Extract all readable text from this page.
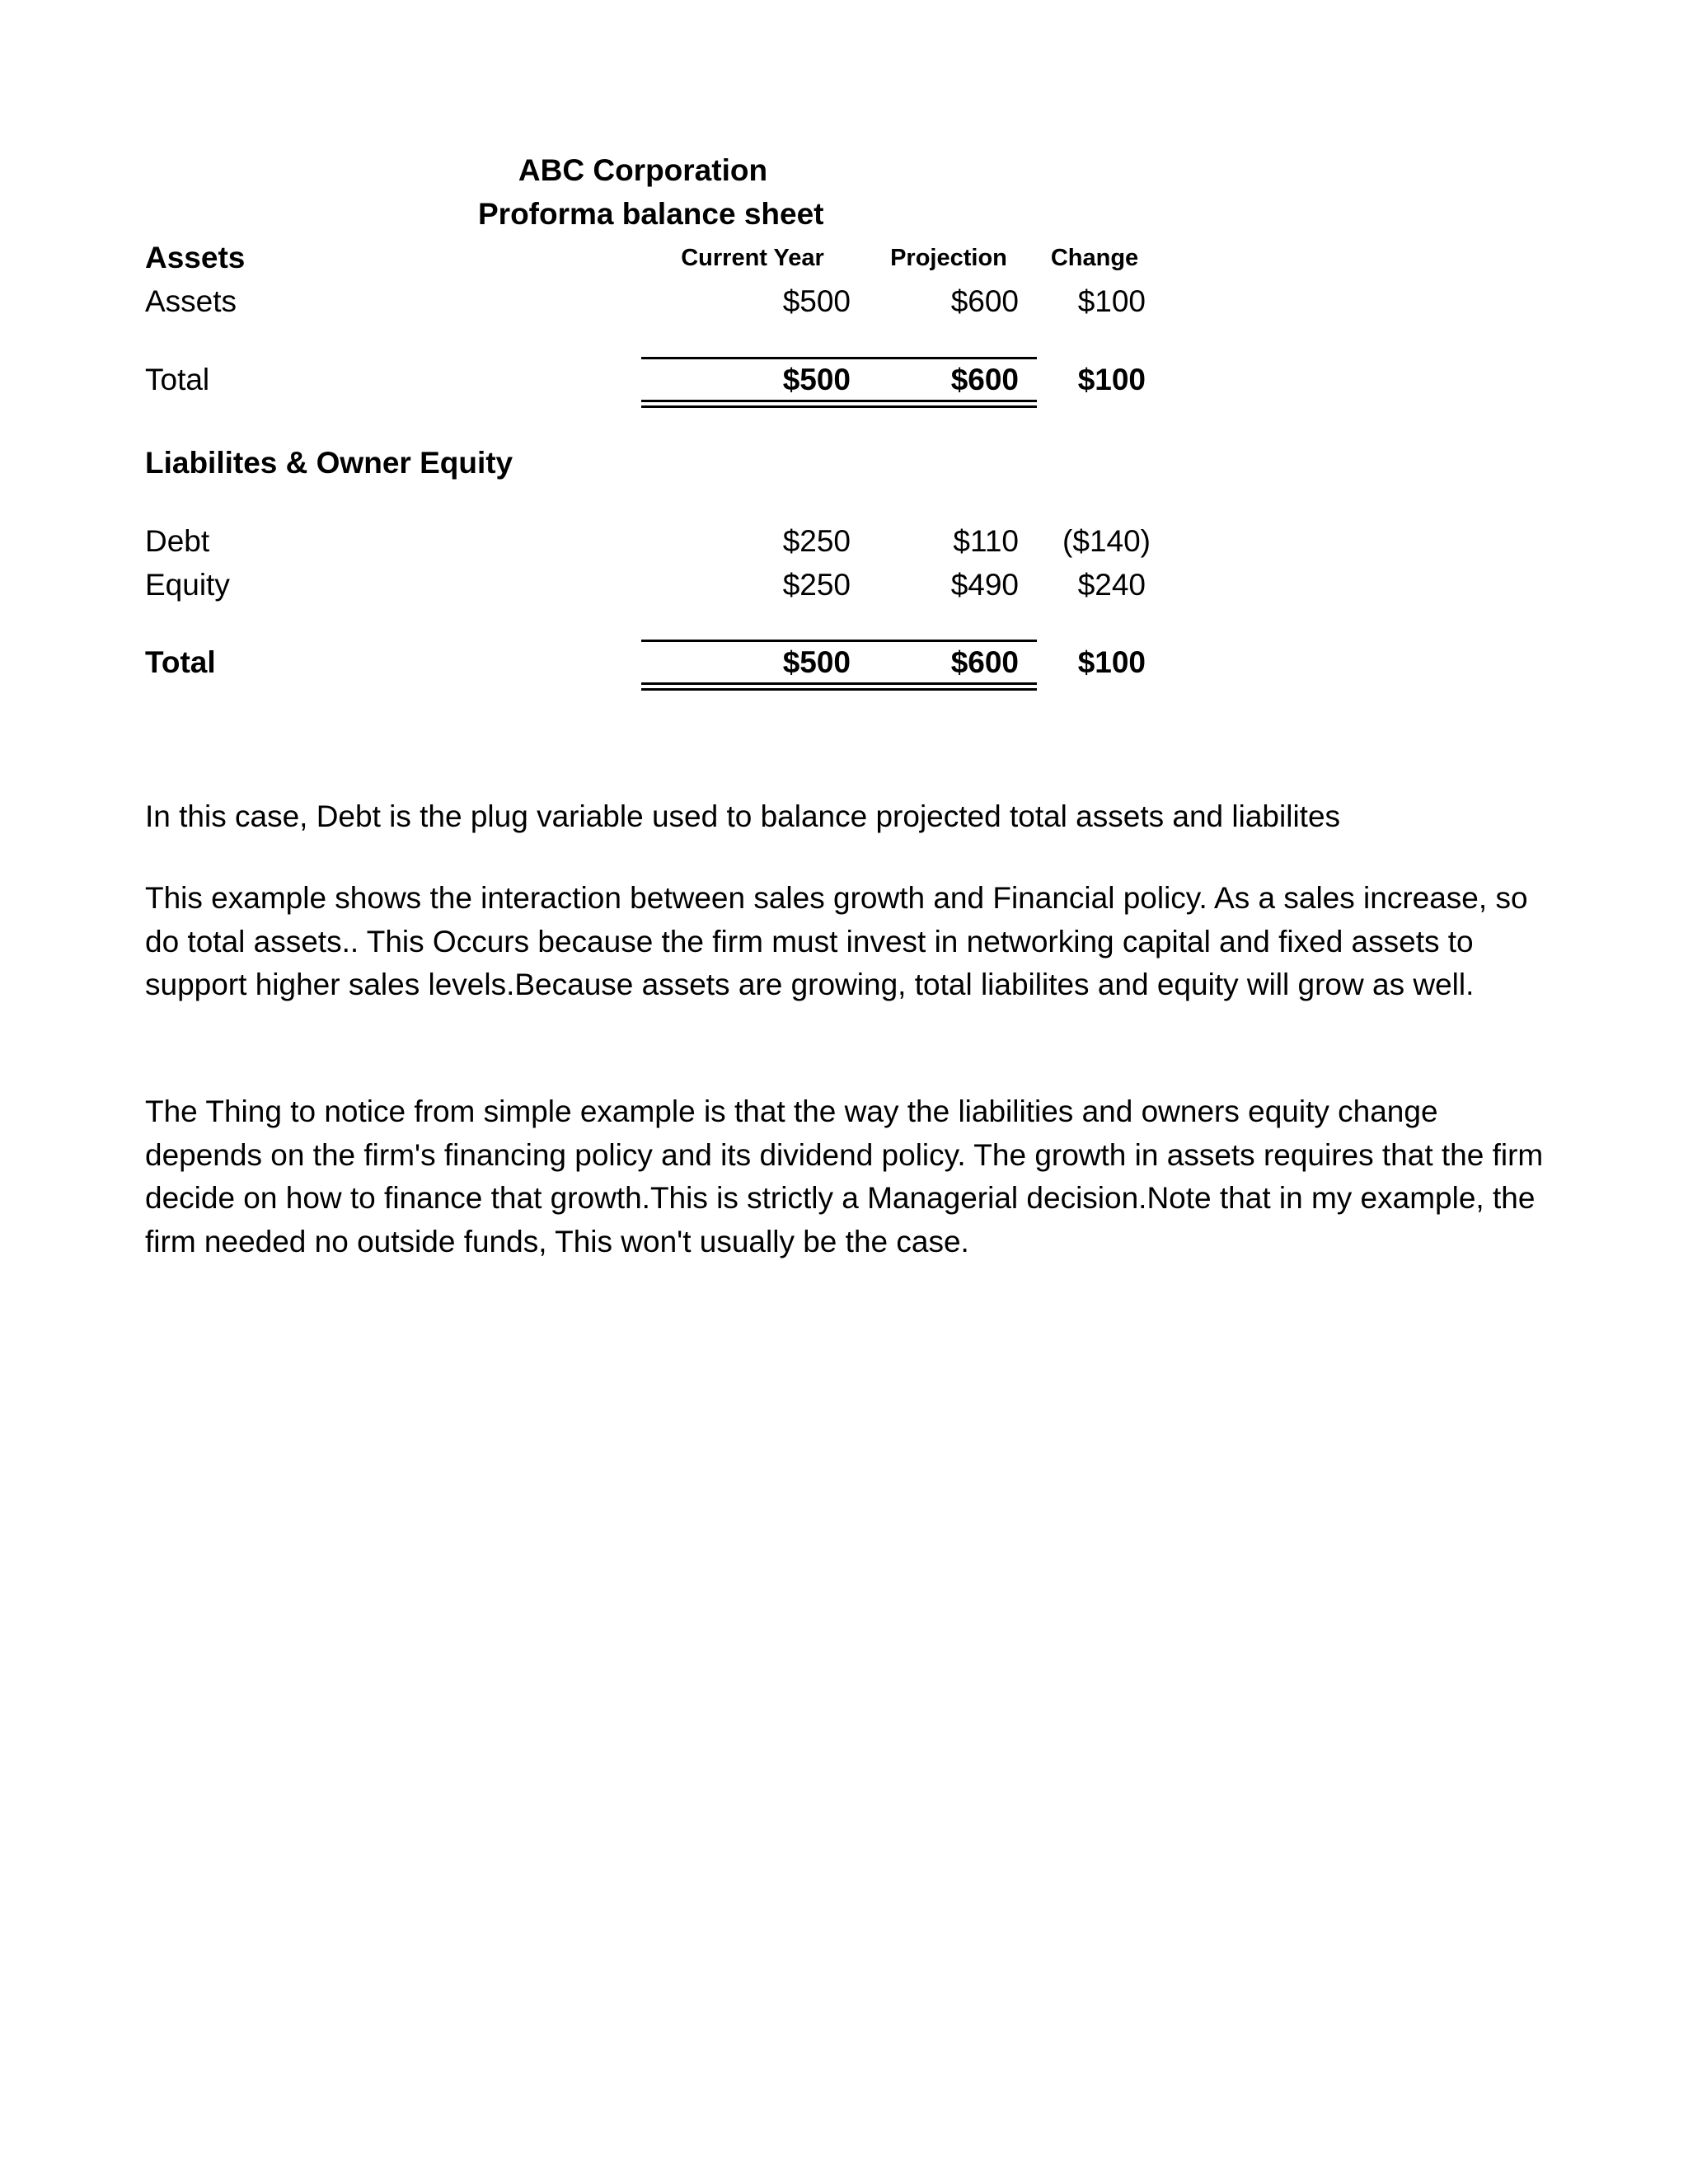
ABC Corporation
Proforma balance sheet
Assets	Current Year	Projection	Change
Assets	$500	$600	$100
Total	$500	$600	$100
Liabilites & Owner Equity
Debt	$250	$110	($140)
Equity	$250	$490	$240
Total	$500	$600	$100
In this case, Debt is the plug variable used to balance projected total assets and liabilites
This example shows the interaction between sales growth and Financial policy. As a sales increase, so do total assets.. This Occurs because the firm must invest in networking capital and fixed assets to support higher sales levels.Because assets are growing, total liabilites and equity will grow as well.
The Thing to notice from simple example is that the way the liabilities and owners equity change depends on the firm's financing policy and its dividend policy. The growth in assets requires that the firm decide on how to finance that growth.This is strictly a Managerial decision.Note that in my example, the firm needed no outside funds, This won't usually be the case.
